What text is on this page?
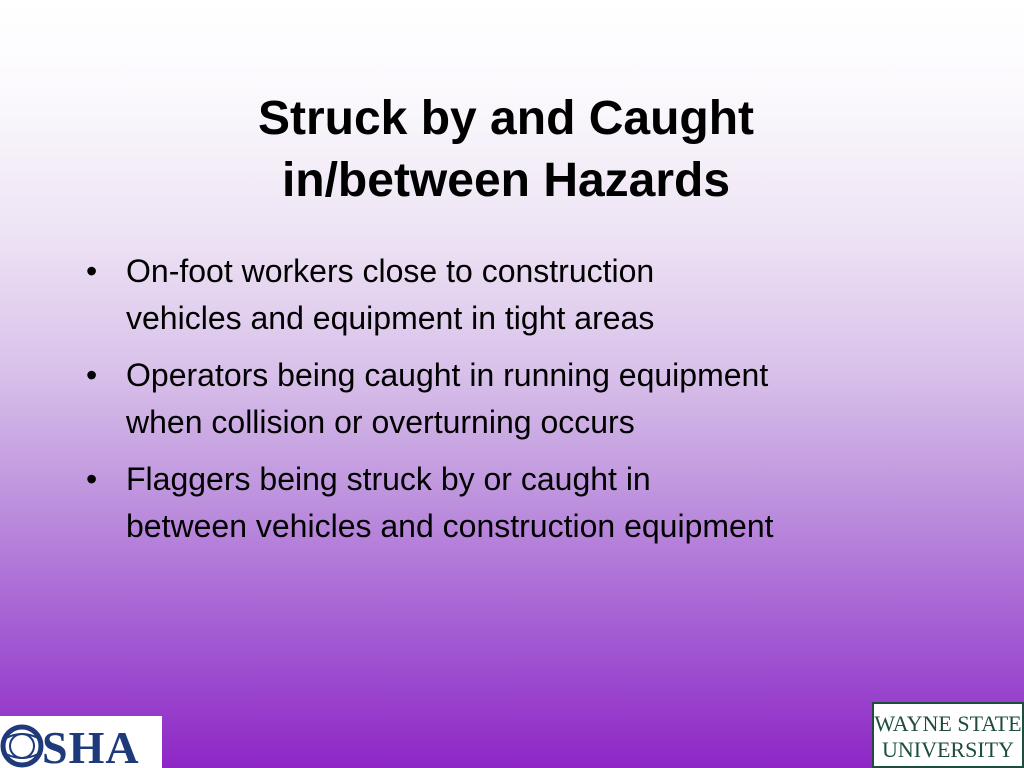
Struck by and Caught
in/between Hazards
• On-foot workers close to construction
vehicles and equipment in tight areas
• Operators being caught in running equipment
when collision or overturning occurs
• Flaggers being struck by or caught in
between vehicles and construction equipment
SHA	WAYNE STATE
UNIVERSITY
